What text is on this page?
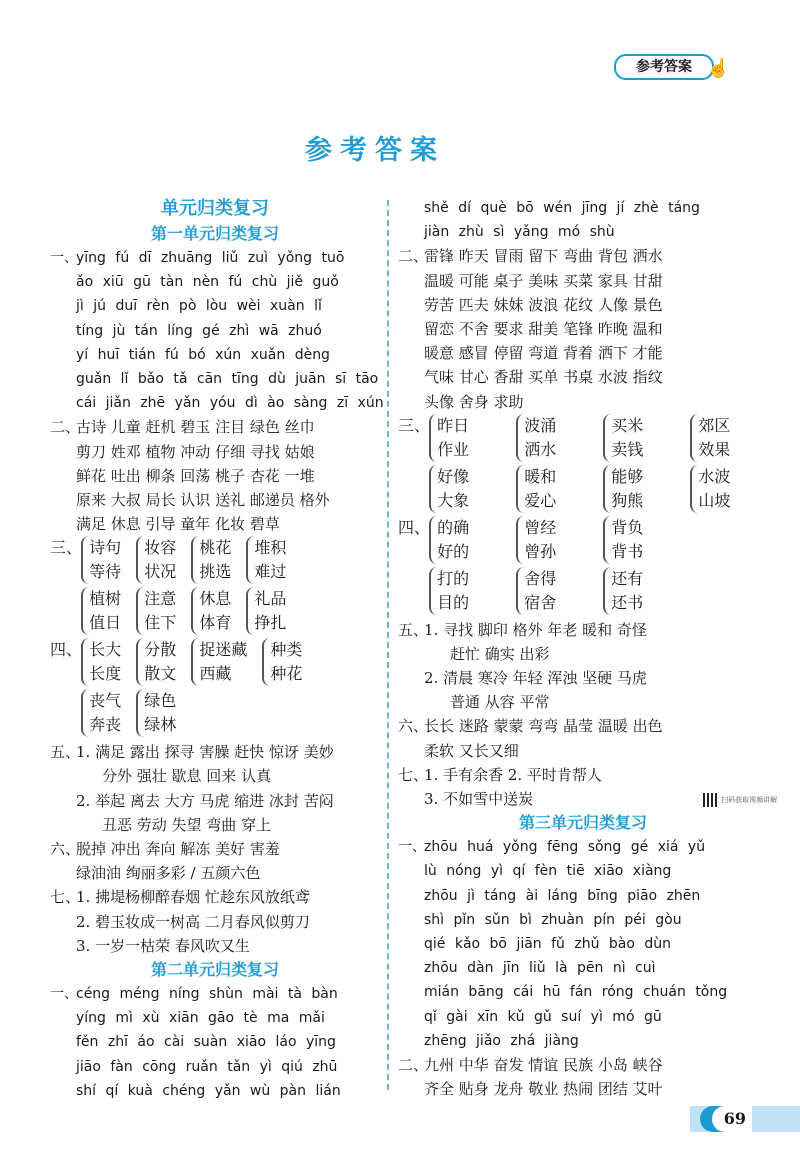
参考答案 ☝
参考答案
单元归类复习
第一单元归类复习
一、yīng fú dī zhuāng liǔ zuì yǒng tuō
ǎo xiū gū tàn nèn fú chù jiě guǒ
jì jú duī rèn pò lòu wèi xuàn lǐ
tíng jù tán líng gé zhì wā zhuó
yí huī tián fú bó xún xuǎn dèng
guǎn lǐ bǎo tǎ cān tīng dù juān sī tāo
cái jiǎn zhē yǎn yóu dì ào sàng zī xún
二、古诗 儿童 赶机 碧玉 注目 绿色 丝巾
剪刀 姓邓 植物 冲动 仔细 寻找 姑娘
鲜花 吐出 柳条 回荡 桃子 杏花 一堆
原来 大叔 局长 认识 送礼 邮递员 格外
满足 休息 引导 童年 化妆 碧草
三、 诗句
等待

妆容
状况

桃花
挑选

堆积
难过

植树
值日

注意
住下

休息
体育

礼品
挣扎
四、 长大
长度

分散
散文

捉迷藏
西藏

种类
种花

丧气
奔丧

绿色
绿林
五、1. 满足 露出 探寻 害臊 赶快 惊讶 美妙
分外 强壮 歇息 回来 认真
2. 举起 离去 大方 马虎 缩进 冰封 苦闷
丑恶 劳动 失望 弯曲 穿上
六、脱掉 冲出 奔向 解冻 美好 害羞
绿油油 绚丽多彩 / 五颜六色
七、1. 拂堤杨柳醉春烟 忙趁东风放纸鸢
2. 碧玉妆成一树高 二月春风似剪刀
3. 一岁一枯荣 春风吹又生
第二单元归类复习
一、céng méng níng shùn mài tà bàn
yíng mì xù xiān gāo tè ma mǎi
fěn zhī áo cài suàn xiāo láo yīng
jiāo fàn cōng ruǎn tǎn yì qiú zhū
shí qí kuà chéng yǎn wù pàn lián
shě dí què bō wén jīng jí zhè táng
jiàn zhù sì yǎng mó shù
二、雷锋 昨天 冒雨 留下 弯曲 背包 洒水
温暖 可能 桌子 美味 买菜 家具 甘甜
劳苦 匹夫 妹妹 波浪 花纹 人像 景色
留恋 不舍 要求 甜美 笔锋 昨晚 温和
暖意 感冒 停留 弯道 背着 洒下 才能
气味 甘心 香甜 买单 书桌 水波 指纹
头像 舍身 求助
三、 昨日
作业

波涌
洒水

买米
卖钱

郊区
效果

好像
大象

暖和
爱心

能够
狗熊

水波
山坡
四、 的确
好的

曾经
曾孙

背负
背书

打的
目的

舍得
宿舍

还有
还书
五、1. 寻找 脚印 格外 年老 暖和 奇怪
赶忙 确实 出彩
2. 清晨 寒冷 年轻 浑浊 坚硬 马虎
普通 从容 平常
六、长长 迷路 蒙蒙 弯弯 晶莹 温暖 出色
柔软 又长又细
七、1. 手有余香 2. 平时肯帮人
3. 不如雪中送炭	扫码获取视频讲解
第三单元归类复习
一、zhōu huá yǒng fēng sǒng gé xiá yǔ
lù nóng yì qí fèn tiē xiāo xiàng
zhōu jì táng ài láng bīng piāo zhēn
shì pǐn sǔn bì zhuàn pín péi gòu
qié kǎo bō jiān fǔ zhǔ bào dùn
zhōu dàn jīn liǔ là pēn nì cuì
mián bāng cái hū fán róng chuán tǒng
qǐ gài xīn kǔ gǔ suí yì mó gū
zhēng jiǎo zhá jiàng
二、九州 中华 奋发 情谊 民族 小岛 峡谷
齐全 贴身 龙舟 敬业 热闹 团结 艾叶
69
